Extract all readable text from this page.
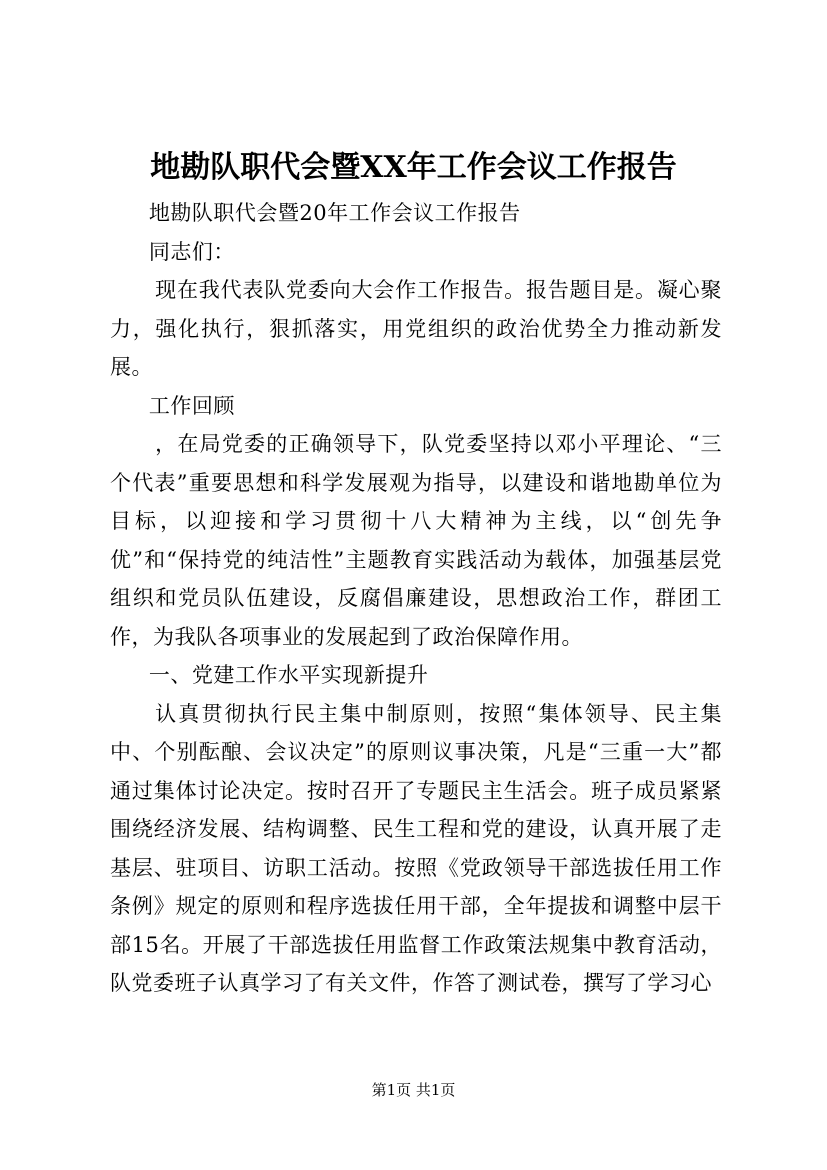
地勘队职代会暨XX年工作会议工作报告

地勘队职代会暨20年工作会议工作报告

同志们：

现在我代表队党委向大会作工作报告。报告题目是。凝心聚力，强化执行，狠抓落实，用党组织的政治优势全力推动新发展。

工作回顾

，在局党委的正确领导下，队党委坚持以邓小平理论、“三个代表”重要思想和科学发展观为指导，以建设和谐地勘单位为目标，以迎接和学习贯彻十八大精神为主线，以“创先争优”和“保持党的纯洁性”主题教育实践活动为载体，加强基层党组织和党员队伍建设，反腐倡廉建设，思想政治工作，群团工作，为我队各项事业的发展起到了政治保障作用。

一、党建工作水平实现新提升

认真贯彻执行民主集中制原则，按照“集体领导、民主集中、个别酝酿、会议决定”的原则议事决策，凡是“三重一大”都通过集体讨论决定。按时召开了专题民主生活会。班子成员紧紧围绕经济发展、结构调整、民生工程和党的建设，认真开展了走基层、驻项目、访职工活动。按照《党政领导干部选拔任用工作条例》规定的原则和程序选拔任用干部，全年提拔和调整中层干部15名。开展了干部选拔任用监督工作政策法规集中教育活动，队党委班子认真学习了有关文件，作答了测试卷，撰写了学习心

第1页 共1页
